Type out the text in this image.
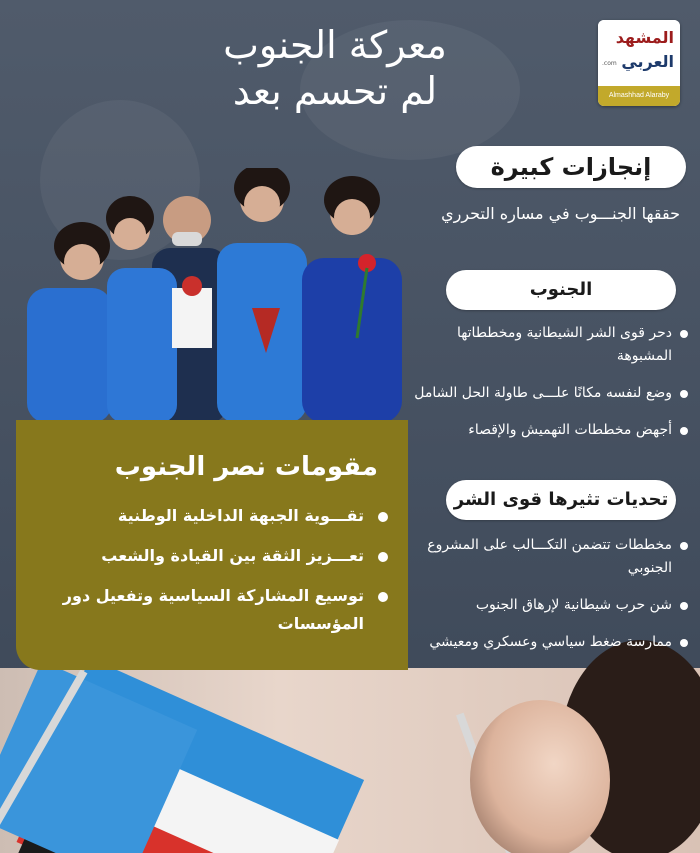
المشهد
العربي
.com
Almashhad Alaraby
معركة الجنوب
لم تحسم بعد
إنجازات كبيرة
حققها الجنـــوب في مساره التحرري
الجنوب
دحر قوى الشر الشيطانية ومخططاتها المشبوهة
وضع لنفسه مكانًا علـــى طاولة الحل الشامل
أجهض مخططات التهميش والإقصاء
تحديات تثيرها قوى الشر
مخططات تتضمن التكـــالب على المشروع الجنوبي
شن حرب شيطانية لإرهاق الجنوب
ممارسة ضغط سياسي وعسكري ومعيشي
مقومات نصر الجنوب
تقـــوية الجبهة الداخلية الوطنية
تعـــزيز الثقة بين القيادة والشعب
توسيع المشاركة السياسية وتفعيل دور المؤسسات
